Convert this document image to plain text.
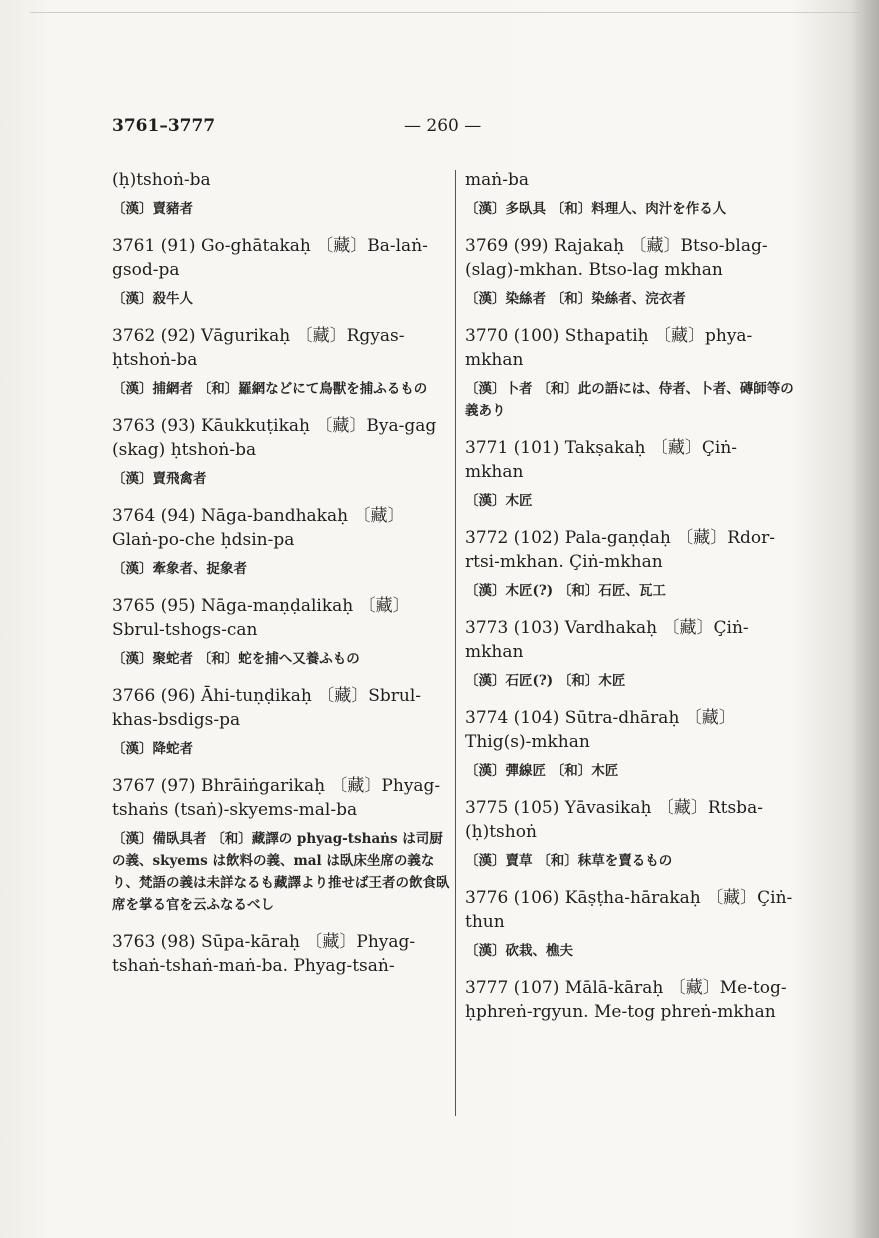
3761–3777	— 260 —
(ḥ)tshoṅ-ba
〔漢〕賣豬者
3761 (91) Go-ghātakaḥ 〔藏〕Ba-laṅ-gsod-pa
〔漢〕殺牛人
3762 (92) Vāgurikaḥ 〔藏〕Rgyas-ḥtshoṅ-ba
〔漢〕捕網者 〔和〕羅網などにて鳥獸を捕ふるもの
3763 (93) Kāukkuṭikaḥ 〔藏〕Bya-gag (skag) ḥtshoṅ-ba
〔漢〕賣飛禽者
3764 (94) Nāga-bandhakaḥ 〔藏〕Glaṅ-po-che ḥdsin-pa
〔漢〕牽象者、捉象者
3765 (95) Nāga-maṇḍalikaḥ 〔藏〕Sbrul-tshogs-can
〔漢〕聚蛇者 〔和〕蛇を捕へ又養ふもの
3766 (96) Āhi-tuṇḍikaḥ 〔藏〕Sbrul-khas-bsdigs-pa
〔漢〕降蛇者
3767 (97) Bhrāiṅgarikaḥ 〔藏〕Phyag-tshaṅs (tsaṅ)-skyems-mal-ba
〔漢〕備臥具者 〔和〕藏譯の phyag-tshaṅs は司厨の義、skyems は飲料の義、mal は臥床坐席の義なり、梵語の義は未詳なるも藏譯より推せば王者の飲食臥席を掌る官を云ふなるべし
3763 (98) Sūpa-kāraḥ 〔藏〕Phyag-tshaṅ-tshaṅ-maṅ-ba. Phyag-tsaṅ-
maṅ-ba
〔漢〕多臥具 〔和〕料理人、肉汁を作る人
3769 (99) Rajakaḥ 〔藏〕Btso-blag-(slag)-mkhan. Btso-lag mkhan
〔漢〕染絲者 〔和〕染絲者、浣衣者
3770 (100) Sthapatiḥ 〔藏〕phya-mkhan
〔漢〕卜者 〔和〕此の語には、侍者、卜者、磚師等の義あり
3771 (101) Takṣakaḥ 〔藏〕Çiṅ-mkhan
〔漢〕木匠
3772 (102) Pala-gaṇḍaḥ 〔藏〕Rdor-rtsi-mkhan. Çiṅ-mkhan
〔漢〕木匠(?) 〔和〕石匠、瓦工
3773 (103) Vardhakaḥ 〔藏〕Çiṅ-mkhan
〔漢〕石匠(?) 〔和〕木匠
3774 (104) Sūtra-dhāraḥ 〔藏〕Thig(s)-mkhan
〔漢〕彈線匠 〔和〕木匠
3775 (105) Yāvasikaḥ 〔藏〕Rtsba-(ḥ)tshoṅ
〔漢〕賣草 〔和〕秣草を賣るもの
3776 (106) Kāṣṭha-hārakaḥ 〔藏〕Çiṅ-thun
〔漢〕砍栽、樵夫
3777 (107) Mālā-kāraḥ 〔藏〕Me-tog-ḥphreṅ-rgyun. Me-tog phreṅ-mkhan
